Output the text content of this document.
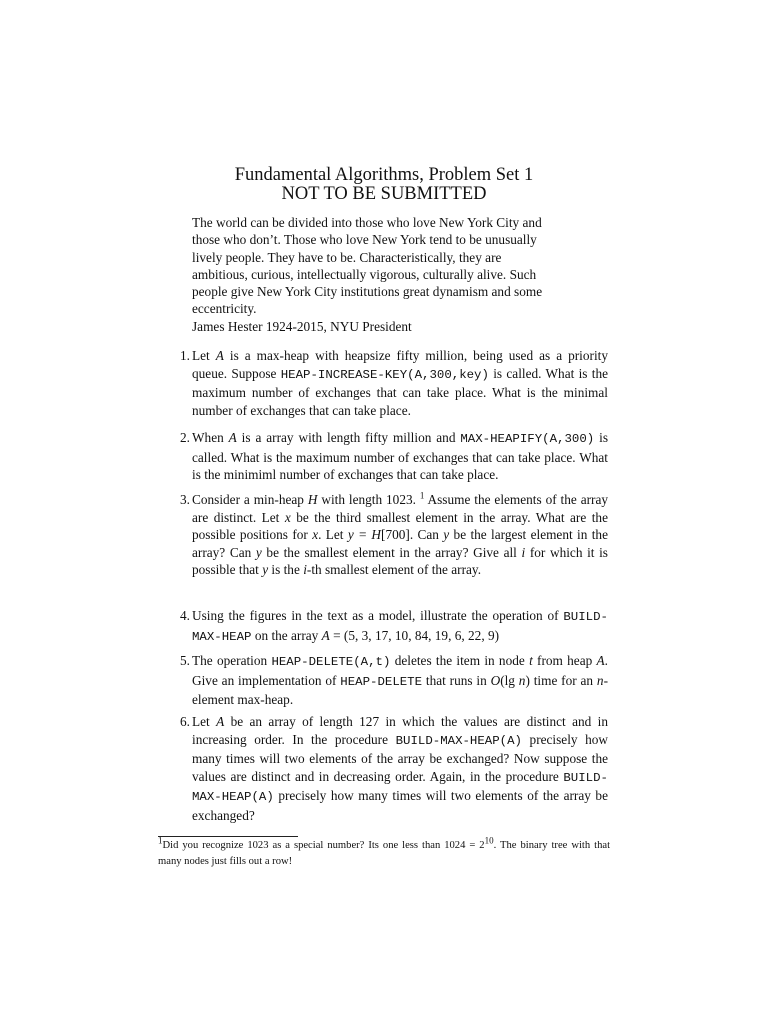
Fundamental Algorithms, Problem Set 1
NOT TO BE SUBMITTED
The world can be divided into those who love New York City and
those who don’t. Those who love New York tend to be unusually
lively people. They have to be. Characteristically, they are
ambitious, curious, intellectually vigorous, culturally alive. Such
people give New York City institutions great dynamism and some
eccentricity.
James Hester 1924-2015, NYU President
1. Let A is a max-heap with heapsize fifty million, being used as a priority queue. Suppose HEAP-INCREASE-KEY(A,300,key) is called. What is the maximum number of exchanges that can take place. What is the minimal number of exchanges that can take place.
2. When A is a array with length fifty million and MAX-HEAPIFY(A,300) is called. What is the maximum number of exchanges that can take place. What is the minimiml number of exchanges that can take place.
3. Consider a min-heap H with length 1023. $^1$ Assume the elements of the array are distinct. Let x be the third smallest element in the array. What are the possible positions for x. Let y = H[700]. Can y be the largest element in the array? Can y be the smallest element in the array? Give all i for which it is possible that y is the i-th smallest element of the array.
4. Using the figures in the text as a model, illustrate the operation of BUILD-MAX-HEAP on the array A = (5, 3, 17, 10, 84, 19, 6, 22, 9)
5. The operation HEAP-DELETE(A,t) deletes the item in node t from heap A. Give an implementation of HEAP-DELETE that runs in O(lg n) time for an n-element max-heap.
6. Let A be an array of length 127 in which the values are distinct and in increasing order. In the procedure BUILD-MAX-HEAP(A) precisely how many times will two elements of the array be exchanged? Now suppose the values are distinct and in decreasing order. Again, in the procedure BUILD-MAX-HEAP(A) precisely how many times will two elements of the array be exchanged?
$^1$Did you recognize 1023 as a special number? Its one less than $1024 = 2^{10}$. The binary tree with that many nodes just fills out a row!
